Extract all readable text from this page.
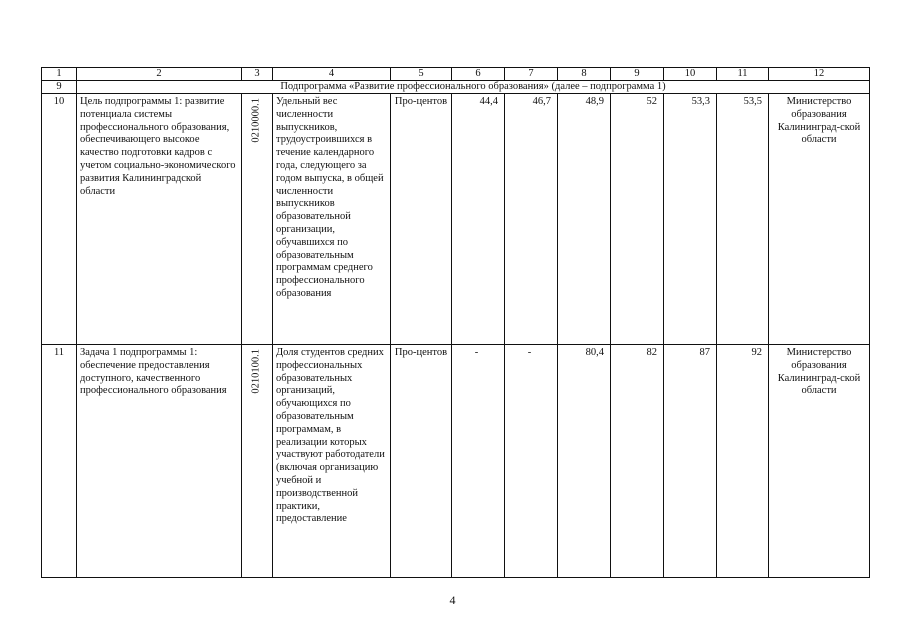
1	2	3	4	5	6	7	8	9	10	11	12
9	Подпрограмма «Развитие профессионального образования» (далее – подпрограмма 1)										
10	Цель подпрограммы 1: развитие потенциала системы профессионального образования, обеспечивающего высокое качество подготовки кадров с учетом социально-экономического развития Калининградской области	0210000.1	Удельный вес численности выпускников, трудоустроившихся в течение календарного года, следующего за годом выпуска, в общей численности выпускников образовательной организации, обучавшихся по образовательным программам среднего профессионального образования	Про-центов	44,4	46,7	48,9	52	53,3	53,5	Министерство образования Калининград-ской области
11	Задача 1 подпрограммы 1: обеспечение предоставления доступного, качественного профессионального образования	0210100.1	Доля студентов средних профессиональных образовательных организаций, обучающихся по образовательным программам, в реализации которых участвуют работодатели (включая организацию учебной и производственной практики, предоставление	Про-центов	-	-	80,4	82	87	92	Министерство образования Калининград-ской области
4
